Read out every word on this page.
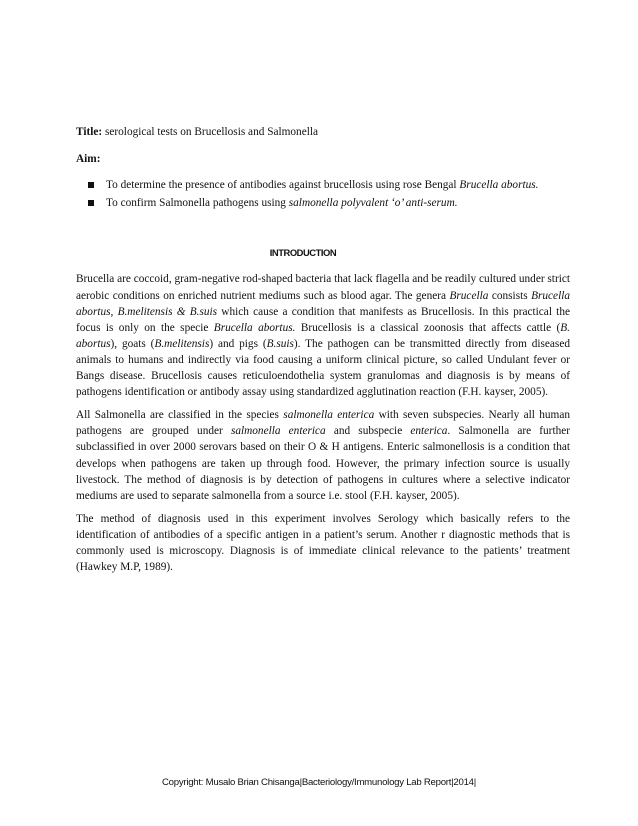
Title: serological tests on Brucellosis and Salmonella

Aim:

To determine the presence of antibodies against brucellosis using rose Bengal Brucella abortus.
To confirm Salmonella pathogens using salmonella polyvalent ‘o’ anti-serum.

INTRODUCTION

Brucella are coccoid, gram-negative rod-shaped bacteria that lack flagella and be readily cultured under strict aerobic conditions on enriched nutrient mediums such as blood agar. The genera Brucella consists Brucella abortus, B.melitensis & B.suis which cause a condition that manifests as Brucellosis. In this practical the focus is only on the specie Brucella abortus. Brucellosis is a classical zoonosis that affects cattle (B. abortus), goats (B.melitensis) and pigs (B.suis). The pathogen can be transmitted directly from diseased animals to humans and indirectly via food causing a uniform clinical picture, so called Undulant fever or Bangs disease. Brucellosis causes reticuloendothelia system granulomas and diagnosis is by means of pathogens identification or antibody assay using standardized agglutination reaction (F.H. kayser, 2005).

All Salmonella are classified in the species salmonella enterica with seven subspecies. Nearly all human pathogens are grouped under salmonella enterica and subspecie enterica. Salmonella are further subclassified in over 2000 serovars based on their O & H antigens. Enteric salmonellosis is a condition that develops when pathogens are taken up through food. However, the primary infection source is usually livestock. The method of diagnosis is by detection of pathogens in cultures where a selective indicator mediums are used to separate salmonella from a source i.e. stool (F.H. kayser, 2005).

The method of diagnosis used in this experiment involves Serology which basically refers to the identification of antibodies of a specific antigen in a patient’s serum. Another r diagnostic methods that is commonly used is microscopy. Diagnosis is of immediate clinical relevance to the patients’ treatment (Hawkey M.P, 1989).

Copyright: Musalo Brian Chisanga|Bacteriology/Immunology Lab Report|2014|
